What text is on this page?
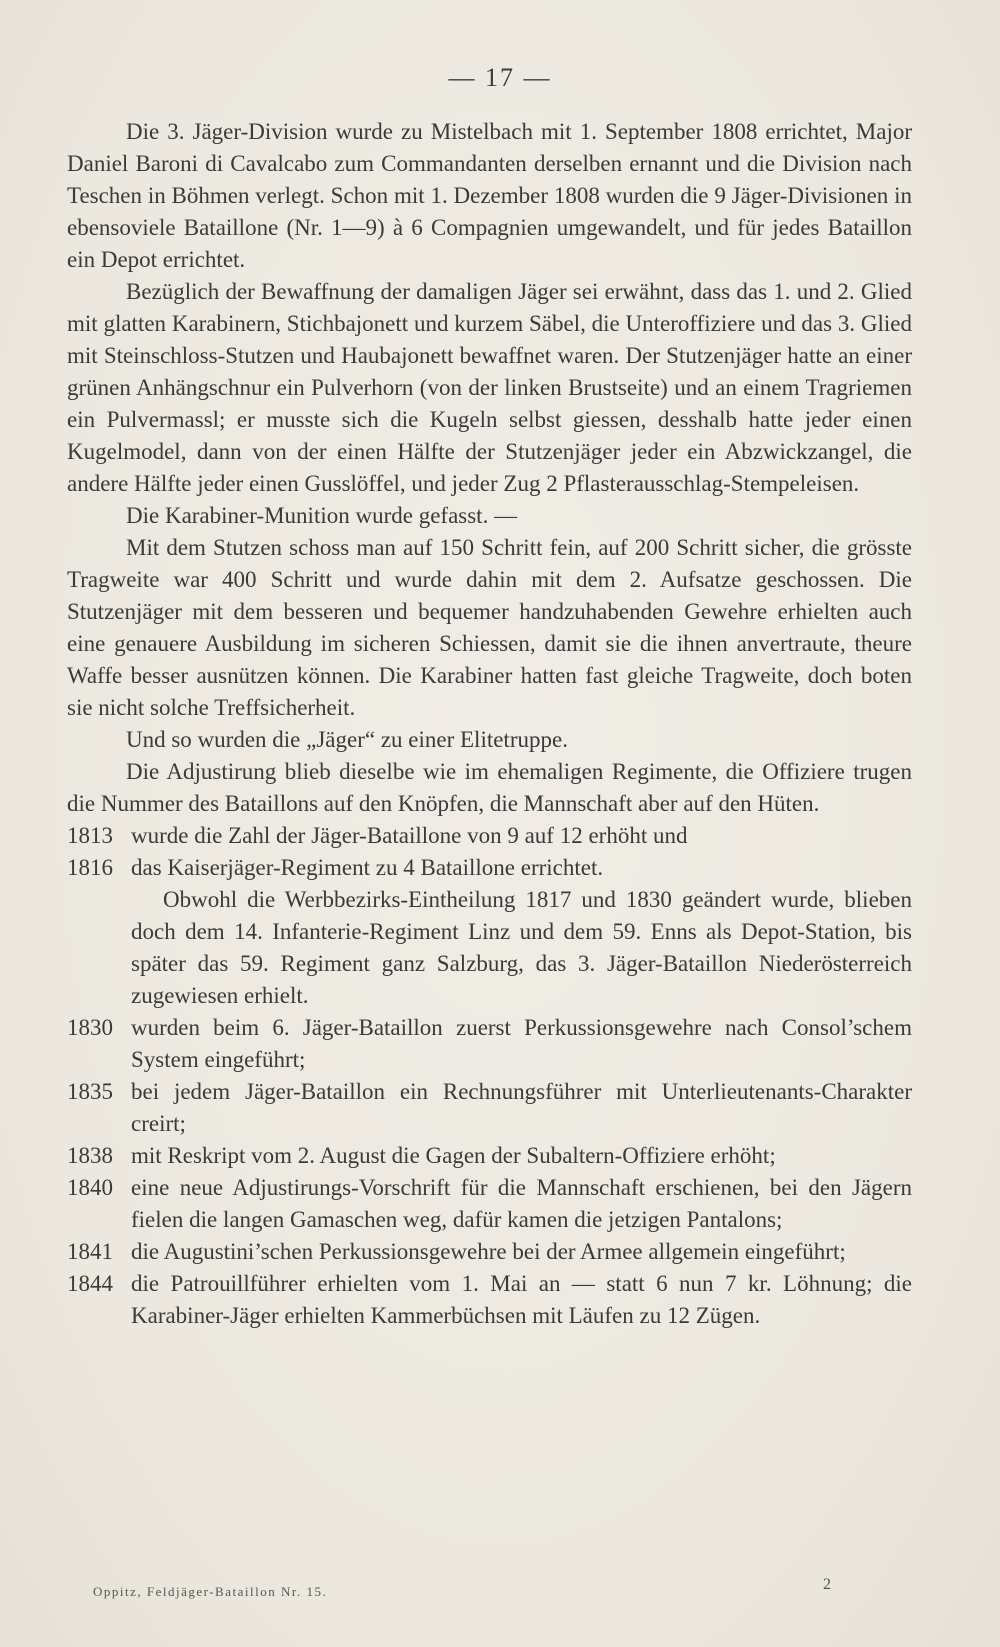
— 17 —

Die 3. Jäger-Division wurde zu Mistelbach mit 1. September 1808 errichtet, Major Daniel Baroni di Cavalcabo zum Commandanten derselben ernannt und die Division nach Teschen in Böhmen verlegt. Schon mit 1. Dezember 1808 wurden die 9 Jäger-Divisionen in ebensoviele Bataillone (Nr. 1—9) à 6 Compagnien umgewandelt, und für jedes Bataillon ein Depot errichtet.

Bezüglich der Bewaffnung der damaligen Jäger sei erwähnt, dass das 1. und 2. Glied mit glatten Karabinern, Stichbajonett und kurzem Säbel, die Unteroffiziere und das 3. Glied mit Steinschloss-Stutzen und Haubajonett bewaffnet waren. Der Stutzenjäger hatte an einer grünen Anhängschnur ein Pulverhorn (von der linken Brustseite) und an einem Tragriemen ein Pulvermassl; er musste sich die Kugeln selbst giessen, desshalb hatte jeder einen Kugelmodel, dann von der einen Hälfte der Stutzenjäger jeder ein Abzwickzangel, die andere Hälfte jeder einen Gusslöffel, und jeder Zug 2 Pflasterausschlag-Stempeleisen.

Die Karabiner-Munition wurde gefasst. —

Mit dem Stutzen schoss man auf 150 Schritt fein, auf 200 Schritt sicher, die grösste Tragweite war 400 Schritt und wurde dahin mit dem 2. Aufsatze geschossen. Die Stutzenjäger mit dem besseren und bequemer handzuhabenden Gewehre erhielten auch eine genauere Ausbildung im sicheren Schiessen, damit sie die ihnen anvertraute, theure Waffe besser ausnützen können. Die Karabiner hatten fast gleiche Tragweite, doch boten sie nicht solche Treffsicherheit.

Und so wurden die „Jäger“ zu einer Elitetruppe.

Die Adjustirung blieb dieselbe wie im ehemaligen Regimente, die Offiziere trugen die Nummer des Bataillons auf den Knöpfen, die Mannschaft aber auf den Hüten.

1813 wurde die Zahl der Jäger-Bataillone von 9 auf 12 erhöht und
1816 das Kaiserjäger-Regiment zu 4 Bataillone errichtet.
Obwohl die Werbbezirks-Eintheilung 1817 und 1830 geändert wurde, blieben doch dem 14. Infanterie-Regiment Linz und dem 59. Enns als Depot-Station, bis später das 59. Regiment ganz Salzburg, das 3. Jäger-Bataillon Niederösterreich zugewiesen erhielt.
1830 wurden beim 6. Jäger-Bataillon zuerst Perkussionsgewehre nach Consol’schem System eingeführt;
1835 bei jedem Jäger-Bataillon ein Rechnungsführer mit Unterlieutenants-Charakter creirt;
1838 mit Reskript vom 2. August die Gagen der Subaltern-Offiziere erhöht;
1840 eine neue Adjustirungs-Vorschrift für die Mannschaft erschienen, bei den Jägern fielen die langen Gamaschen weg, dafür kamen die jetzigen Pantalons;
1841 die Augustini’schen Perkussionsgewehre bei der Armee allgemein eingeführt;
1844 die Patrouillführer erhielten vom 1. Mai an — statt 6 nun 7 kr. Löhnung; die Karabiner-Jäger erhielten Kammerbüchsen mit Läufen zu 12 Zügen.
Oppitz, Feldjäger-Bataillon Nr. 15.	2
